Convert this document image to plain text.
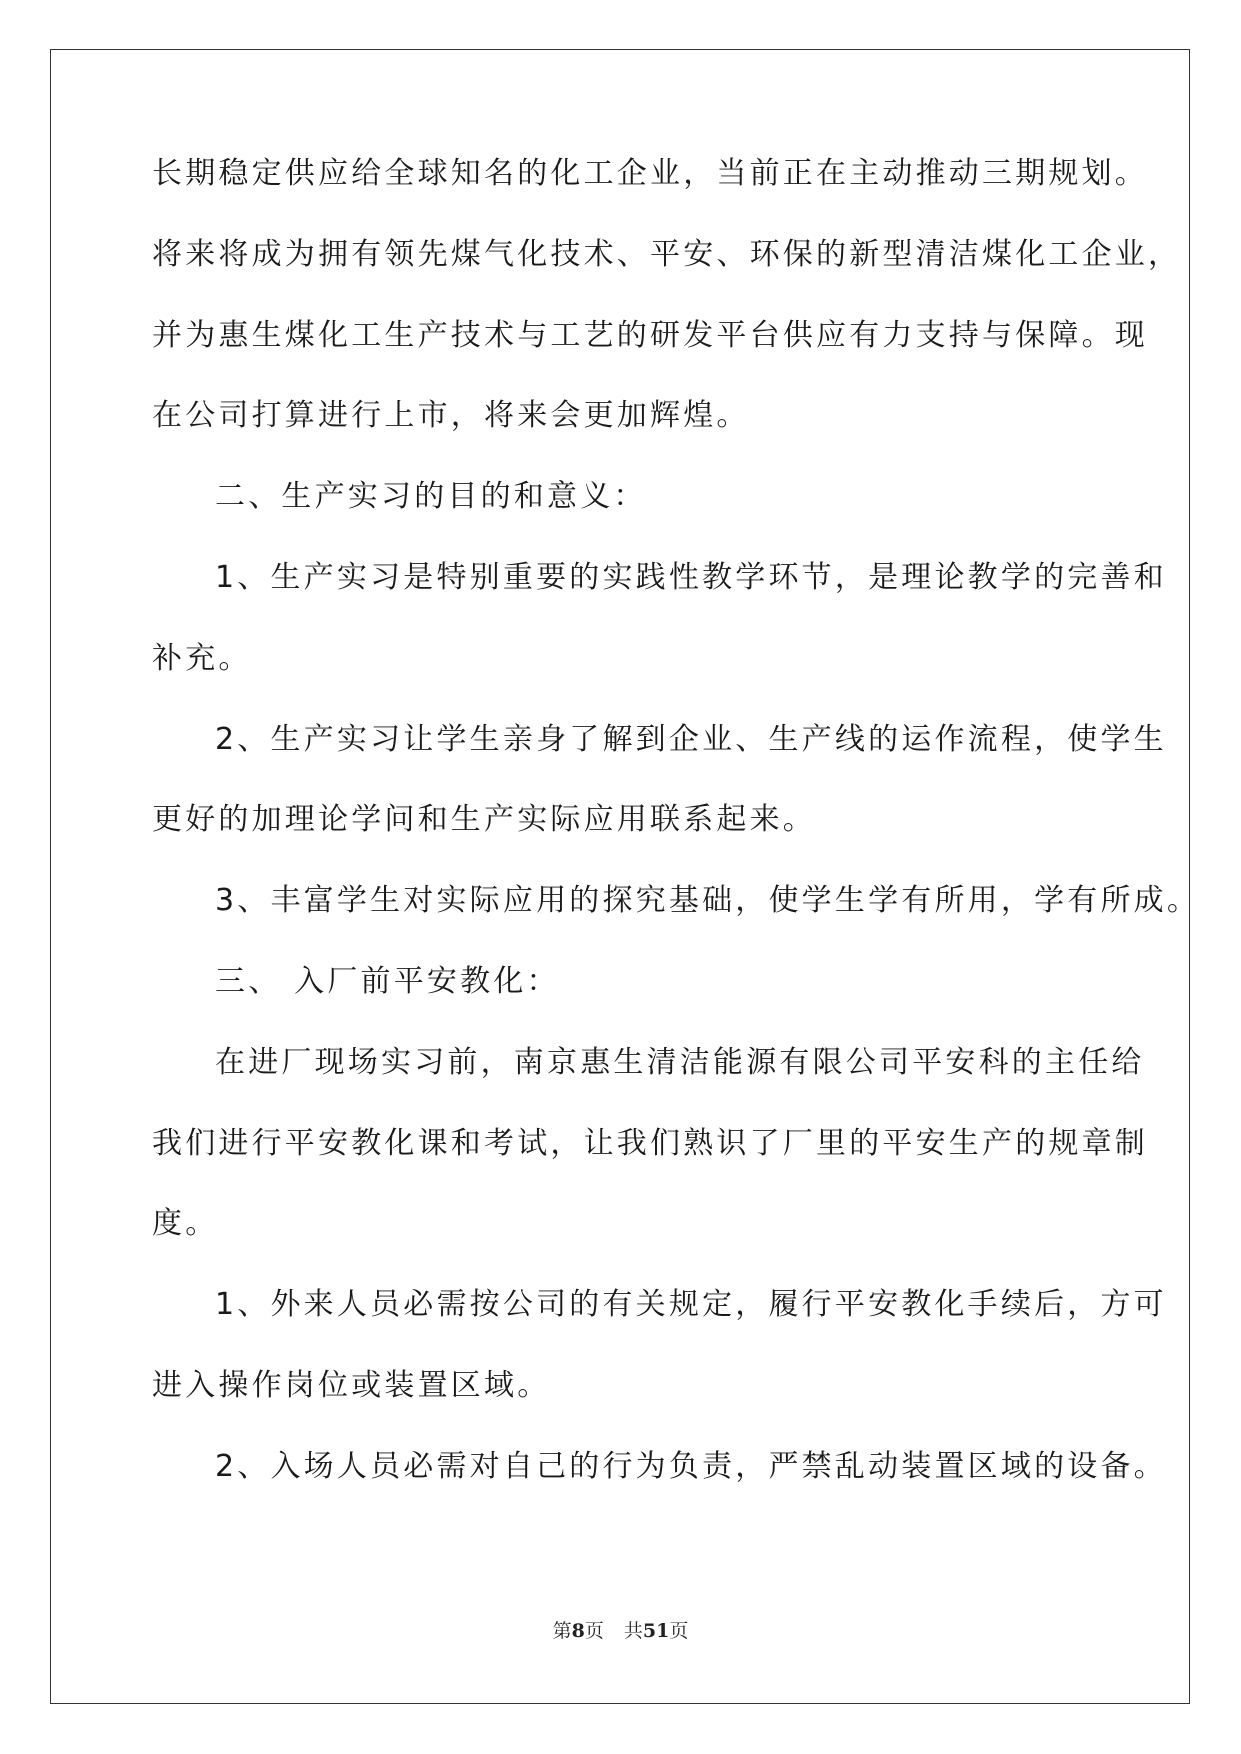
长期稳定供应给全球知名的化工企业，当前正在主动推动三期规划。
将来将成为拥有领先煤气化技术、平安、环保的新型清洁煤化工企业，
并为惠生煤化工生产技术与工艺的研发平台供应有力支持与保障。现
在公司打算进行上市，将来会更加辉煌。
二、生产实习的目的和意义：
1、生产实习是特别重要的实践性教学环节，是理论教学的完善和
补充。
2、生产实习让学生亲身了解到企业、生产线的运作流程，使学生
更好的加理论学问和生产实际应用联系起来。
3、丰富学生对实际应用的探究基础，使学生学有所用，学有所成。
三、 入厂前平安教化：
在进厂现场实习前，南京惠生清洁能源有限公司平安科的主任给
我们进行平安教化课和考试，让我们熟识了厂里的平安生产的规章制
度。
1、外来人员必需按公司的有关规定，履行平安教化手续后，方可
进入操作岗位或装置区域。
2、入场人员必需对自己的行为负责，严禁乱动装置区域的设备。
第8页 共51页
